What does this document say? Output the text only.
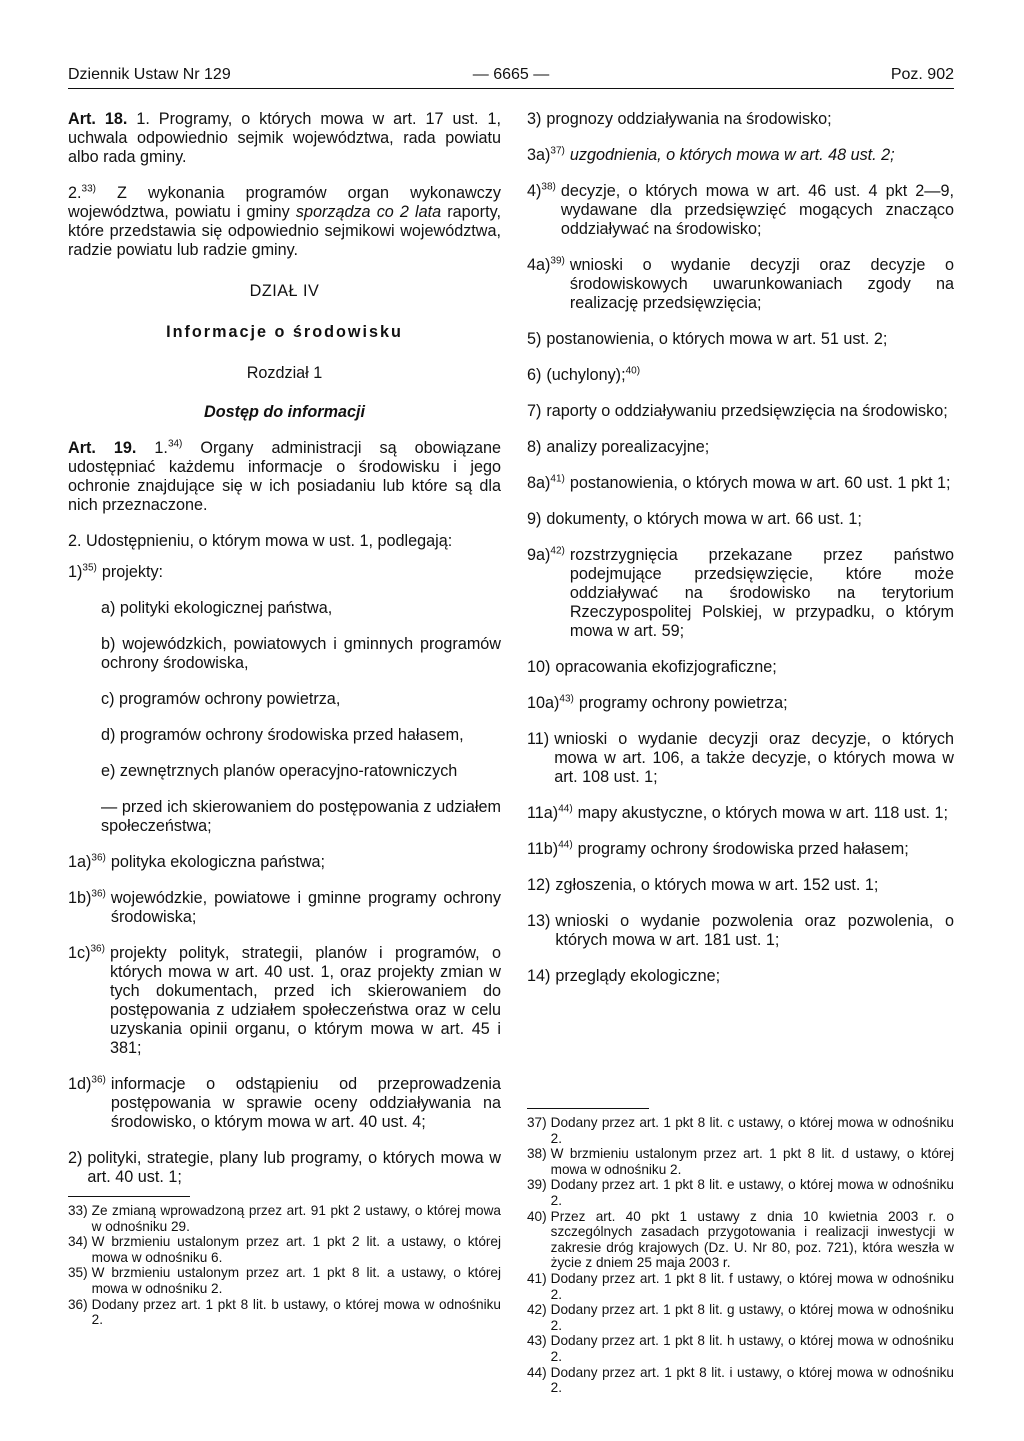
Dziennik Ustaw Nr 129	— 6665 —	Poz. 902

Art. 18. 1. Programy, o których mowa w art. 17 ust. 1, uchwala odpowiednio sejmik województwa, rada powiatu albo rada gminy.

2.$^{33)}$ Z wykonania programów organ wykonawczy województwa, powiatu i gminy sporządza co 2 lata raporty, które przedstawia się odpowiednio sejmikowi województwa, radzie powiatu lub radzie gminy.

DZIAŁ IV

Informacje o środowisku

Rozdział 1

Dostęp do informacji

Art. 19. 1.$^{34)}$ Organy administracji są obowiązane udostępniać każdemu informacje o środowisku i jego ochronie znajdujące się w ich posiadaniu lub które są dla nich przeznaczone.

2. Udostępnieniu, o którym mowa w ust. 1, podlegają:

1)$^{35)}$ projekty:

a) polityki ekologicznej państwa,

b) wojewódzkich, powiatowych i gminnych programów ochrony środowiska,

c) programów ochrony powietrza,

d) programów ochrony środowiska przed hałasem,

e) zewnętrznych planów operacyjno-ratowniczych

— przed ich skierowaniem do postępowania z udziałem społeczeństwa;

1a)$^{36)}$ polityka ekologiczna państwa;
1b)$^{36)}$ wojewódzkie, powiatowe i gminne programy ochrony środowiska;
1c)$^{36)}$ projekty polityk, strategii, planów i programów, o których mowa w art. 40 ust. 1, oraz projekty zmian w tych dokumentach, przed ich skierowaniem do postępowania z udziałem społeczeństwa oraz w celu uzyskania opinii organu, o którym mowa w art. 45 i 381;
1d)$^{36)}$ informacje o odstąpieniu od przeprowadzenia postępowania w sprawie oceny oddziaływania na środowisko, o którym mowa w art. 40 ust. 4;
2) polityki, strategie, plany lub programy, o których mowa w art. 40 ust. 1;
33) Ze zmianą wprowadzoną przez art. 91 pkt 2 ustawy, o której mowa w odnośniku 29.
34) W brzmieniu ustalonym przez art. 1 pkt 2 lit. a ustawy, o której mowa w odnośniku 6.
35) W brzmieniu ustalonym przez art. 1 pkt 8 lit. a ustawy, o której mowa w odnośniku 2.
36) Dodany przez art. 1 pkt 8 lit. b ustawy, o której mowa w odnośniku 2.
3) prognozy oddziaływania na środowisko;
3a)$^{37)}$ uzgodnienia, o których mowa w art. 48 ust. 2;
4)$^{38)}$ decyzje, o których mowa w art. 46 ust. 4 pkt 2—9, wydawane dla przedsięwzięć mogących znacząco oddziaływać na środowisko;
4a)$^{39)}$ wnioski o wydanie decyzji oraz decyzje o środowiskowych uwarunkowaniach zgody na realizację przedsięwzięcia;
5) postanowienia, o których mowa w art. 51 ust. 2;
6) (uchylony);$^{40)}$
7) raporty o oddziaływaniu przedsięwzięcia na środowisko;
8) analizy porealizacyjne;
8a)$^{41)}$ postanowienia, o których mowa w art. 60 ust. 1 pkt 1;
9) dokumenty, o których mowa w art. 66 ust. 1;
9a)$^{42)}$ rozstrzygnięcia przekazane przez państwo podejmujące przedsięwzięcie, które może oddziaływać na środowisko na terytorium Rzeczypospolitej Polskiej, w przypadku, o którym mowa w art. 59;
10) opracowania ekofizjograficzne;
10a)$^{43)}$ programy ochrony powietrza;
11) wnioski o wydanie decyzji oraz decyzje, o których mowa w art. 106, a także decyzje, o których mowa w art. 108 ust. 1;
11a)$^{44)}$ mapy akustyczne, o których mowa w art. 118 ust. 1;
11b)$^{44)}$ programy ochrony środowiska przed hałasem;
12) zgłoszenia, o których mowa w art. 152 ust. 1;
13) wnioski o wydanie pozwolenia oraz pozwolenia, o których mowa w art. 181 ust. 1;
14) przeglądy ekologiczne;
37) Dodany przez art. 1 pkt 8 lit. c ustawy, o której mowa w odnośniku 2.
38) W brzmieniu ustalonym przez art. 1 pkt 8 lit. d ustawy, o której mowa w odnośniku 2.
39) Dodany przez art. 1 pkt 8 lit. e ustawy, o której mowa w odnośniku 2.
40) Przez art. 40 pkt 1 ustawy z dnia 10 kwietnia 2003 r. o szczególnych zasadach przygotowania i realizacji inwestycji w zakresie dróg krajowych (Dz. U. Nr 80, poz. 721), która weszła w życie z dniem 25 maja 2003 r.
41) Dodany przez art. 1 pkt 8 lit. f ustawy, o której mowa w odnośniku 2.
42) Dodany przez art. 1 pkt 8 lit. g ustawy, o której mowa w odnośniku 2.
43) Dodany przez art. 1 pkt 8 lit. h ustawy, o której mowa w odnośniku 2.
44) Dodany przez art. 1 pkt 8 lit. i ustawy, o której mowa w odnośniku 2.
